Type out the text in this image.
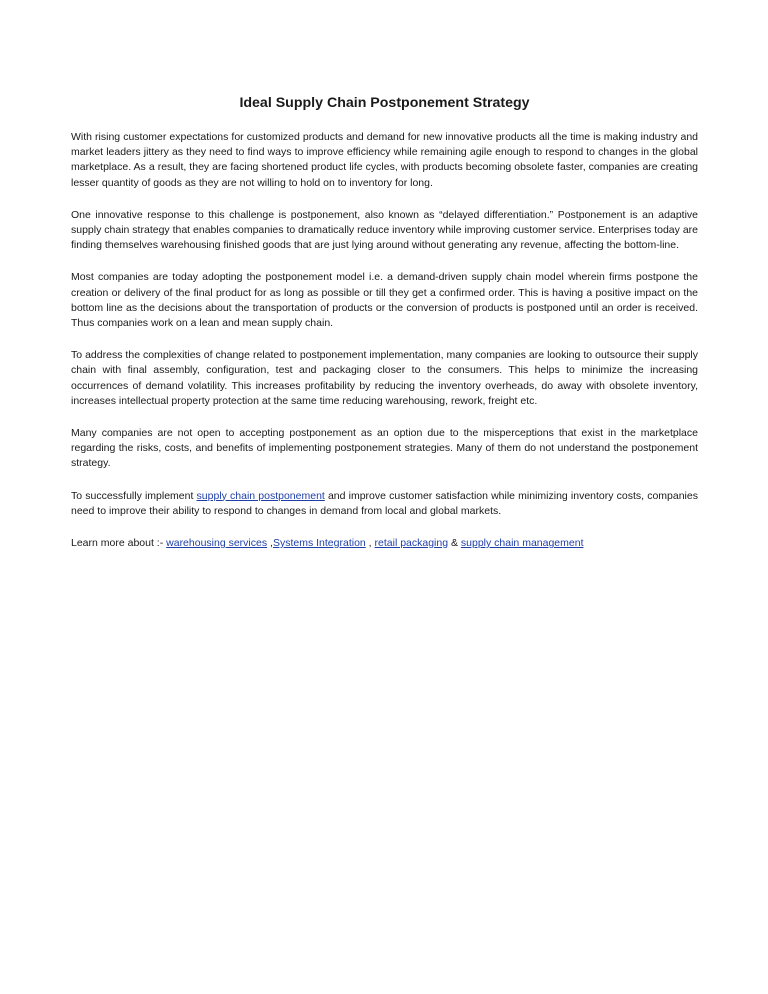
Ideal Supply Chain Postponement Strategy

With rising customer expectations for customized products and demand for new innovative products all the time is making industry and market leaders jittery as they need to find ways to improve efficiency while remaining agile enough to respond to changes in the global marketplace. As a result, they are facing shortened product life cycles, with products becoming obsolete faster, companies are creating lesser quantity of goods as they are not willing to hold on to inventory for long.

One innovative response to this challenge is postponement, also known as “delayed differentiation.” Postponement is an adaptive supply chain strategy that enables companies to dramatically reduce inventory while improving customer service. Enterprises today are finding themselves warehousing finished goods that are just lying around without generating any revenue, affecting the bottom-line.

Most companies are today adopting the postponement model i.e. a demand-driven supply chain model wherein firms postpone the creation or delivery of the final product for as long as possible or till they get a confirmed order. This is having a positive impact on the bottom line as the decisions about the transportation of products or the conversion of products is postponed until an order is received. Thus companies work on a lean and mean supply chain.

To address the complexities of change related to postponement implementation, many companies are looking to outsource their supply chain with final assembly, configuration, test and packaging closer to the consumers. This helps to minimize the increasing occurrences of demand volatility. This increases profitability by reducing the inventory overheads, do away with obsolete inventory, increases intellectual property protection at the same time reducing warehousing, rework, freight etc.

Many companies are not open to accepting postponement as an option due to the misperceptions that exist in the marketplace regarding the risks, costs, and benefits of implementing postponement strategies. Many of them do not understand the postponement strategy.

To successfully implement supply chain postponement and improve customer satisfaction while minimizing inventory costs, companies need to improve their ability to respond to changes in demand from local and global markets.

Learn more about :- warehousing services ,Systems Integration , retail packaging & supply chain management
